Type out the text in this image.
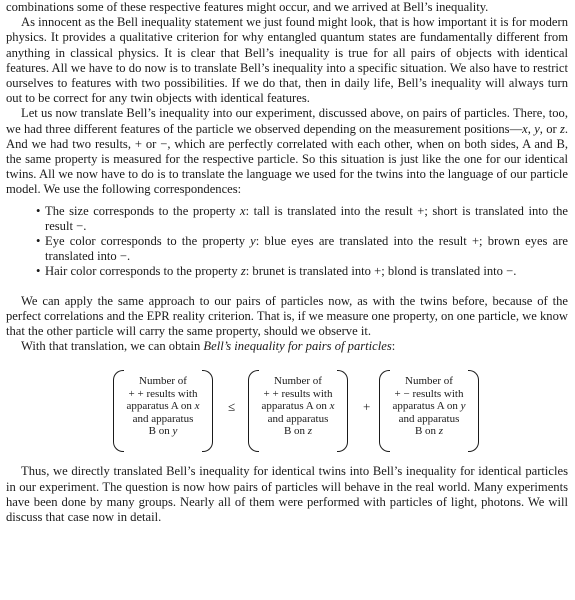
combinations some of these respective features might occur, and we arrived at Bell’s inequality.

As innocent as the Bell inequality statement we just found might look, that is how important it is for modern physics. It provides a qualitative criterion for why entangled quantum states are fundamentally different from anything in classical physics. It is clear that Bell’s inequality is true for all pairs of objects with identical features. All we have to do now is to translate Bell’s inequality into a specific situation. We also have to restrict ourselves to features with two possibilities. If we do that, then in daily life, Bell’s inequality will always turn out to be correct for any twin objects with identical features.

Let us now translate Bell’s inequality into our experiment, discussed above, on pairs of particles. There, too, we had three different features of the particle we observed depending on the measurement positions—x, y, or z. And we had two results, + or −, which are perfectly correlated with each other, when on both sides, A and B, the same property is measured for the respective particle. So this situation is just like the one for our identical twins. All we now have to do is to translate the language we used for the twins into the language of our particle model. We use the following correspondences:

• The size corresponds to the property x: tall is translated into the result +; short is translated into the result −.
• Eye color corresponds to the property y: blue eyes are translated into the result +; brown eyes are translated into −.
• Hair color corresponds to the property z: brunet is translated into +; blond is translated into −.

We can apply the same approach to our pairs of particles now, as with the twins before, because of the perfect correlations and the EPR reality criterion. That is, if we measure one property, on one particle, we know that the other particle will carry the same property, should we observe it.

With that translation, we can obtain Bell’s inequality for pairs of particles:

Number of
+ + results with
apparatus A on x
and apparatus
B on y
≤
Number of
+ + results with
apparatus A on x
and apparatus
B on z
+
Number of
+ − results with
apparatus A on y
and apparatus
B on z

Thus, we directly translated Bell’s inequality for identical twins into Bell’s inequality for identical particles in our experiment. The question is now how pairs of particles will behave in the real world. Many experiments have been done by many groups. Nearly all of them were performed with particles of light, photons. We will discuss that case now in detail.
